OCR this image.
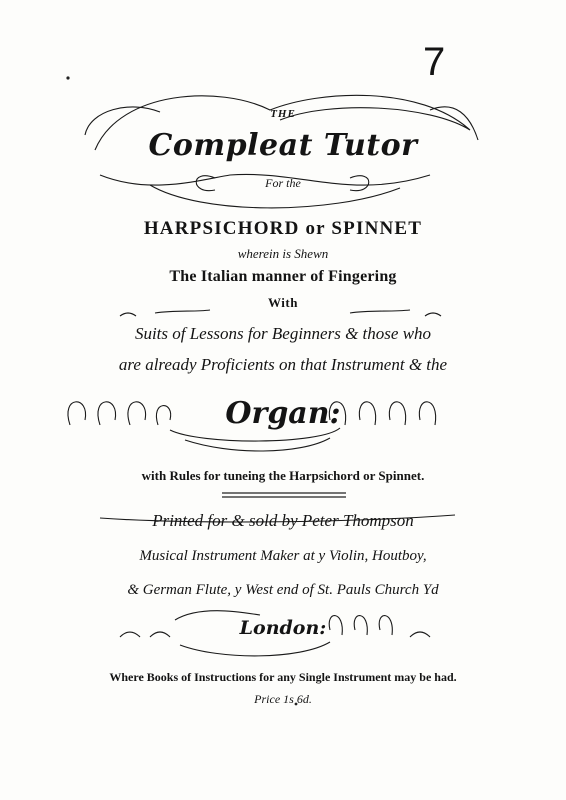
7
THE
Compleat Tutor
For the
HARPSICHORD or SPINNET
wherein is Shewn
The Italian manner of Fingering
With
Suits of Lessons for Beginners & those who
are already Proficients on that Instrument & the
Organ:
with Rules for tuneing the Harpsichord or Spinnet.
Printed for & sold by Peter Thompson
Musical Instrument Maker at y Violin, Houtboy,
& German Flute, y West end of St. Pauls Church Yd
London:
Where Books of Instructions for any Single Instrument may be had.
Price 1s 6d.
